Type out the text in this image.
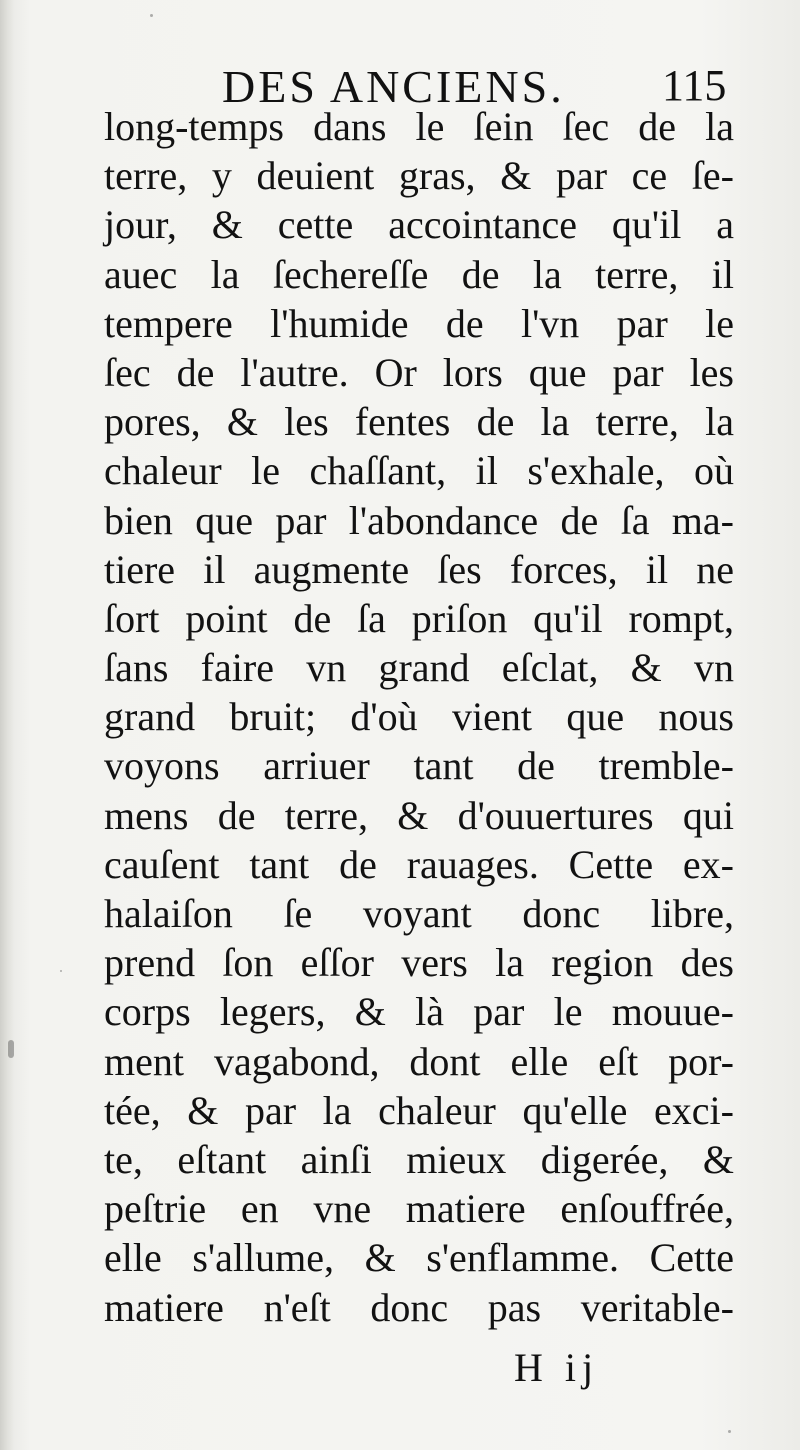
DES ANCIENS. 115
long-temps dans le ſein ſec de la
terre, y deuient gras, & par ce ſe-
jour, & cette accointance qu'il a
auec la ſechereſſe de la terre, il
tempere l'humide de l'vn par le
ſec de l'autre. Or lors que par les
pores, & les fentes de la terre, la
chaleur le chaſſant, il s'exhale, où
bien que par l'abondance de ſa ma-
tiere il augmente ſes forces, il ne
ſort point de ſa priſon qu'il rompt,
ſans faire vn grand eſclat, & vn
grand bruit; d'où vient que nous
voyons arriuer tant de tremble-
mens de terre, & d'ouuertures qui
cauſent tant de rauages. Cette ex-
halaiſon ſe voyant donc libre,
prend ſon eſſor vers la region des
corps legers, & là par le mouue-
ment vagabond, dont elle eſt por-
tée, & par la chaleur qu'elle exci-
te, eſtant ainſi mieux digerée, &
peſtrie en vne matiere enſouffrée,
elle s'allume, & s'enflamme. Cette
matiere n'eſt donc pas veritable-
H ij
